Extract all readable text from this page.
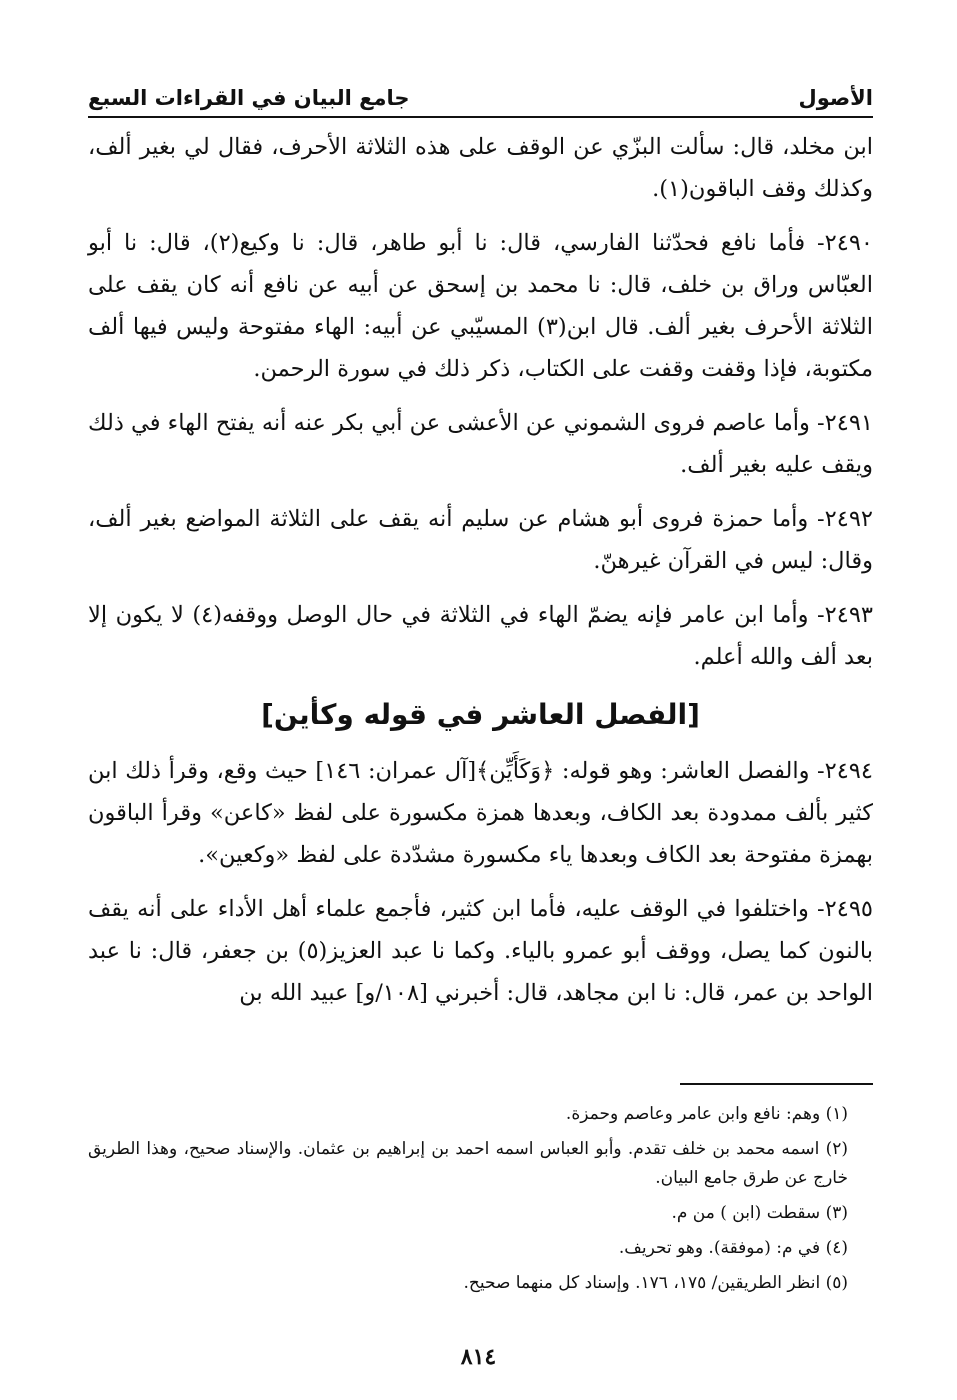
الأصول
جامع البيان في القراءات السبع

ابن مخلد، قال: سألت البزّي عن الوقف على هذه الثلاثة الأحرف، فقال لي بغير ألف، وكذلك وقف الباقون(١).

٢٤٩٠- فأما نافع فحدّثنا الفارسي، قال: نا أبو طاهر، قال: نا وكيع(٢)، قال: نا أبو العبّاس وراق بن خلف، قال: نا محمد بن إسحق عن أبيه عن نافع أنه كان يقف على الثلاثة الأحرف بغير ألف. قال ابن(٣) المسيّبي عن أبيه: الهاء مفتوحة وليس فيها ألف مكتوبة، فإذا وقفت وقفت على الكتاب، ذكر ذلك في سورة الرحمن.

٢٤٩١- وأما عاصم فروى الشموني عن الأعشى عن أبي بكر عنه أنه يفتح الهاء في ذلك ويقف عليه بغير ألف.

٢٤٩٢- وأما حمزة فروى أبو هشام عن سليم أنه يقف على الثلاثة المواضع بغير ألف، وقال: ليس في القرآن غيرهنّ.

٢٤٩٣- وأما ابن عامر فإنه يضمّ الهاء في الثلاثة في حال الوصل ووقفه(٤) لا يكون إلا بعد ألف والله أعلم.

[الفصل العاشر في قوله وكأين]

٢٤٩٤- والفصل العاشر: وهو قوله: ﴿وَكَأَيِّن﴾[آل عمران: ١٤٦] حيث وقع، وقرأ ذلك ابن كثير بألف ممدودة بعد الكاف، وبعدها همزة مكسورة على لفظ «كاعن» وقرأ الباقون بهمزة مفتوحة بعد الكاف وبعدها ياء مكسورة مشدّدة على لفظ «وكعين».

٢٤٩٥- واختلفوا في الوقف عليه، فأما ابن كثير، فأجمع علماء أهل الأداء على أنه يقف بالنون كما يصل، ووقف أبو عمرو بالياء. وكما نا عبد العزيز(٥) بن جعفر، قال: نا عبد الواحد بن عمر، قال: نا ابن مجاهد، قال: أخبرني [١٠٨/و] عبيد الله بن

(١) وهم: نافع وابن عامر وعاصم وحمزة.

(٢) اسمه محمد بن خلف تقدم. وأبو العباس اسمه احمد بن إبراهيم بن عثمان. والإسناد صحيح، وهذا الطريق خارج عن طرق جامع البيان.

(٣) سقطت (ابن ) من م.

(٤) في م: (موفقة). وهو تحريف.

(٥) انظر الطريقين/ ١٧٥، ١٧٦. وإسناد كل منهما صحيح.

٨١٤
